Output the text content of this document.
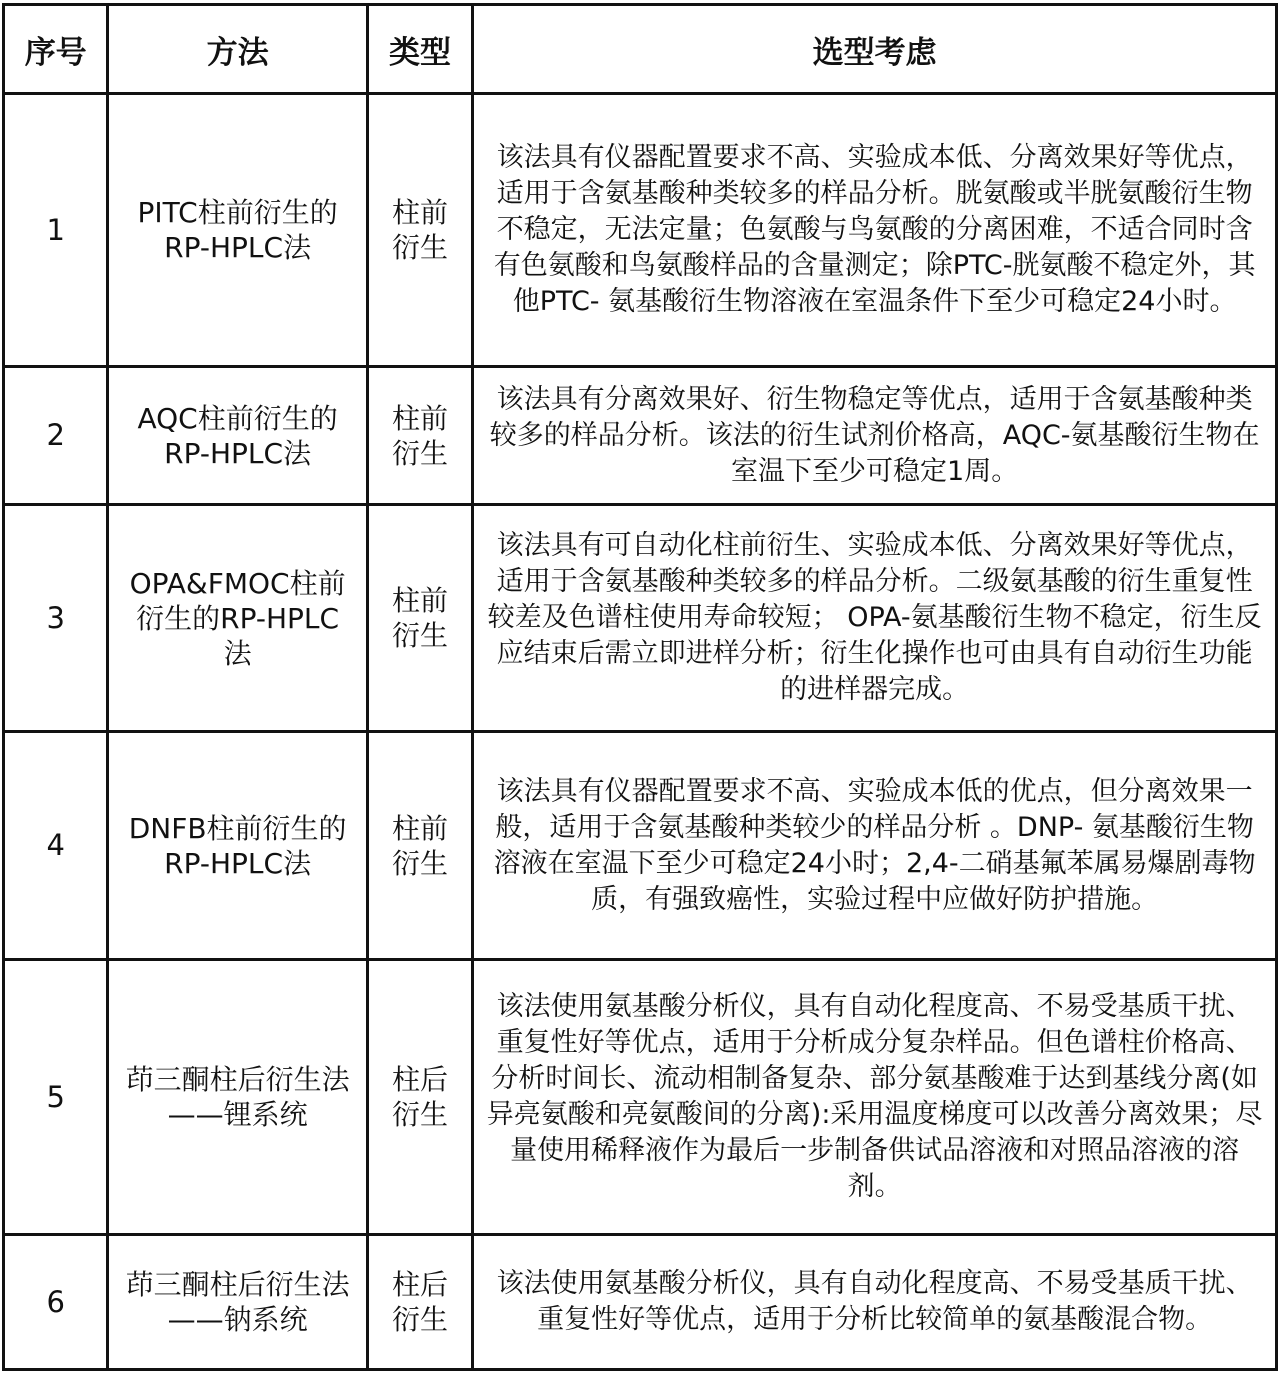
序号	方法	类型	选型考虑
1	PITC柱前衍生的RP-HPLC法	柱前衍生	该法具有仪器配置要求不高、实验成本低、分离效果好等优点，适用于含氨基酸种类较多的样品分析。胱氨酸或半胱氨酸衍生物不稳定，无法定量；色氨酸与鸟氨酸的分离困难，不适合同时含有色氨酸和鸟氨酸样品的含量测定；除PTC-胱氨酸不稳定外，其他PTC- 氨基酸衍生物溶液在室温条件下至少可稳定24小时。
2	AQC柱前衍生的RP-HPLC法	柱前衍生	该法具有分离效果好、衍生物稳定等优点，适用于含氨基酸种类较多的样品分析。该法的衍生试剂价格高，AQC-氨基酸衍生物在室温下至少可稳定1周。
3	OPA&FMOC柱前衍生的RP-HPLC法	柱前衍生	该法具有可自动化柱前衍生、实验成本低、分离效果好等优点，适用于含氨基酸种类较多的样品分析。二级氨基酸的衍生重复性较差及色谱柱使用寿命较短； OPA-氨基酸衍生物不稳定，衍生反应结束后需立即进样分析；衍生化操作也可由具有自动衍生功能的进样器完成。
4	DNFB柱前衍生的RP-HPLC法	柱前衍生	该法具有仪器配置要求不高、实验成本低的优点，但分离效果一般，适用于含氨基酸种类较少的样品分析 。DNP- 氨基酸衍生物溶液在室温下至少可稳定24小时；2,4-二硝基氟苯属易爆剧毒物质，有强致癌性，实验过程中应做好防护措施。
5	茚三酮柱后衍生法——锂系统	柱后衍生	该法使用氨基酸分析仪，具有自动化程度高、不易受基质干扰、重复性好等优点，适用于分析成分复杂样品。但色谱柱价格高、分析时间长、流动相制备复杂、部分氨基酸难于达到基线分离(如异亮氨酸和亮氨酸间的分离):采用温度梯度可以改善分离效果；尽量使用稀释液作为最后一步制备供试品溶液和对照品溶液的溶剂。
6	茚三酮柱后衍生法——钠系统	柱后衍生	该法使用氨基酸分析仪，具有自动化程度高、不易受基质干扰、重复性好等优点，适用于分析比较简单的氨基酸混合物。
